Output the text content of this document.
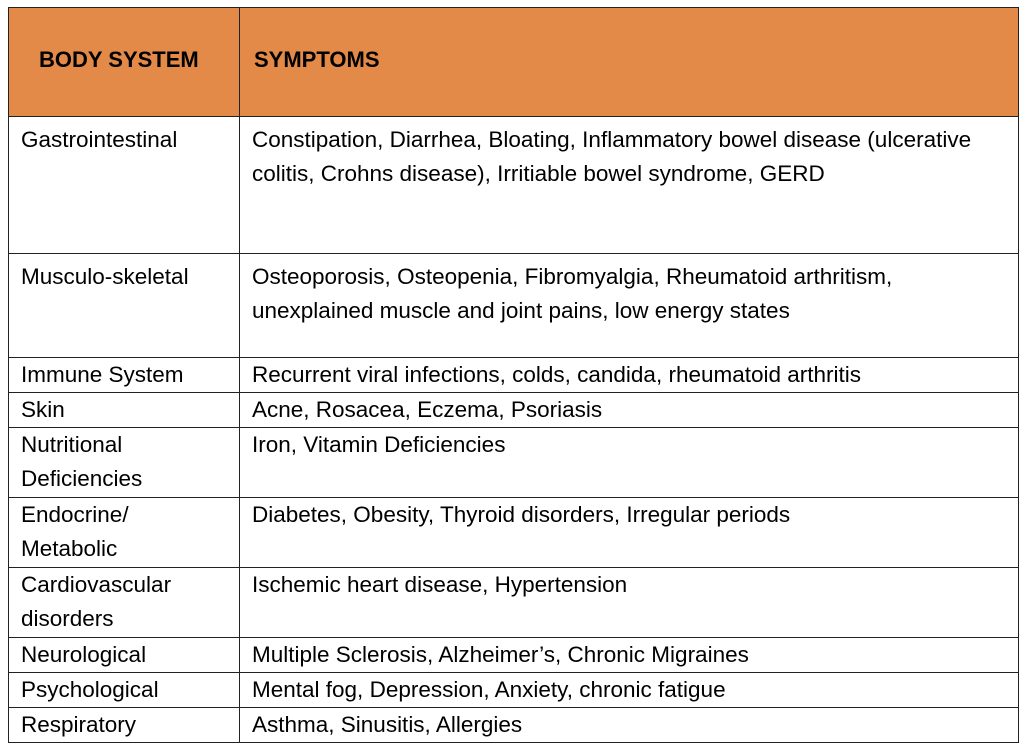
BODY SYSTEM	SYMPTOMS
Gastrointestinal	Constipation, Diarrhea, Bloating, Inflammatory bowel disease (ulcerative colitis, Crohns disease), Irritiable bowel syndrome, GERD
Musculo-skeletal	Osteoporosis, Osteopenia, Fibromyalgia, Rheumatoid arthritism, unexplained muscle and joint pains, low energy states
Immune System	Recurrent viral infections, colds, candida, rheumatoid arthritis
Skin	Acne, Rosacea, Eczema, Psoriasis
Nutritional Deficiencies	Iron, Vitamin Deficiencies
Endocrine/ Metabolic	Diabetes, Obesity, Thyroid disorders, Irregular periods
Cardiovascular disorders	Ischemic heart disease, Hypertension
Neurological	Multiple Sclerosis, Alzheimer’s, Chronic Migraines
Psychological	Mental fog, Depression, Anxiety, chronic fatigue
Respiratory	Asthma, Sinusitis, Allergies
